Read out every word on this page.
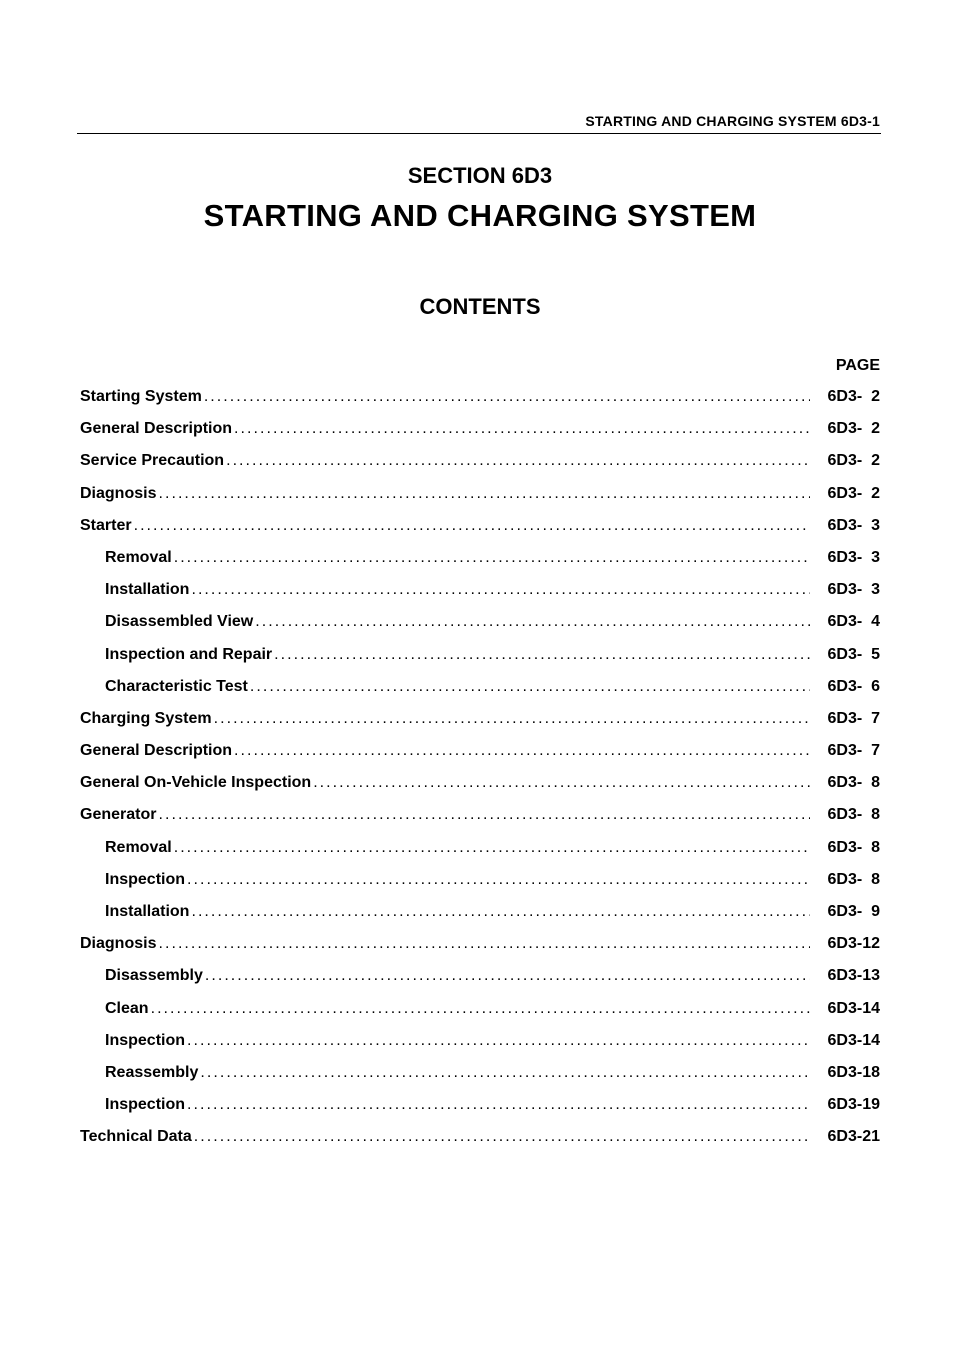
STARTING AND CHARGING SYSTEM 6D3-1
SECTION 6D3
STARTING AND CHARGING SYSTEM
CONTENTS
PAGE
Starting System . . .	6D3-  2
General Description . . .	6D3-  2
Service Precaution . . .	6D3-  2
Diagnosis . . .	6D3-  2
Starter . . .	6D3-  3
Removal . . .	6D3-  3
Installation . . .	6D3-  3
Disassembled View . . .	6D3-  4
Inspection and Repair . . .	6D3-  5
Characteristic Test . . .	6D3-  6
Charging System . . .	6D3-  7
General Description . . .	6D3-  7
General On-Vehicle Inspection . . .	6D3-  8
Generator . . .	6D3-  8
Removal . . .	6D3-  8
Inspection . . .	6D3-  8
Installation . . .	6D3-  9
Diagnosis . . .	6D3-12
Disassembly . . .	6D3-13
Clean . . .	6D3-14
Inspection . . .	6D3-14
Reassembly . . .	6D3-18
Inspection . . .	6D3-19
Technical Data . . .	6D3-21
